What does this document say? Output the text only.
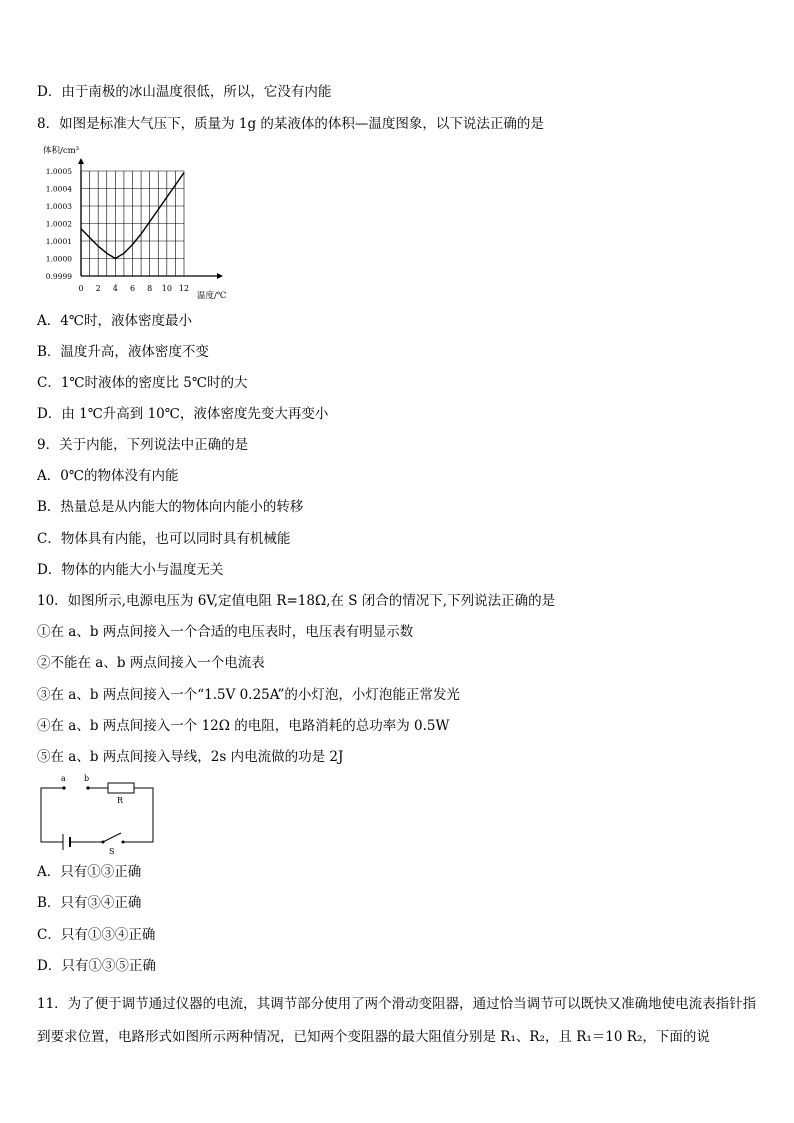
D．由于南极的冰山温度很低，所以，它没有内能
8．如图是标准大气压下，质量为 1g 的某液体的体积—温度图象，以下说法正确的是
体积/cm³
0 2 4 6 8 10 12
0.9999
1.0000
1.0001
1.0002
1.0003
1.0004
1.0005
温度/℃
A．4℃时，液体密度最小
B．温度升高，液体密度不变
C．1℃时液体的密度比 5℃时的大
D．由 1℃升高到 10℃，液体密度先变大再变小
9．关于内能，下列说法中正确的是
A．0℃的物体没有内能
B．热量总是从内能大的物体向内能小的转移
C．物体具有内能，也可以同时具有机械能
D．物体的内能大小与温度无关
10．如图所示,电源电压为 6V,定值电阻 R=18Ω,在 S 闭合的情况下,下列说法正确的是
①在 a、b 两点间接入一个合适的电压表时，电压表有明显示数
②不能在 a、b 两点间接入一个电流表
③在 a、b 两点间接入一个“1.5V 0.25A”的小灯泡，小灯泡能正常发光
④在 a、b 两点间接入一个 12Ω 的电阻，电路消耗的总功率为 0.5W
⑤在 a、b 两点间接入导线，2s 内电流做的功是 2J
a b
R
S
A．只有①③正确
B．只有③④正确
C．只有①③④正确
D．只有①③⑤正确
11．为了便于调节通过仪器的电流，其调节部分使用了两个滑动变阻器，通过恰当调节可以既快又准确地使电流表指针指到要求位置，电路形式如图所示两种情况，已知两个变阻器的最大阻值分别是 R₁、R₂，且 R₁＝10 R₂，下面的说
